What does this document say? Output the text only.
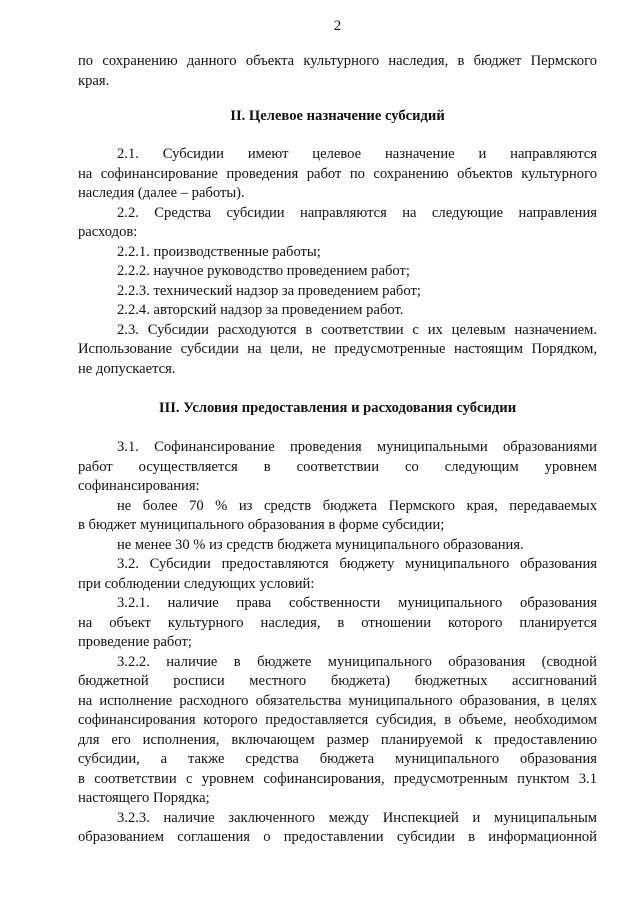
2
по сохранению данного объекта культурного наследия, в бюджет Пермского
края.
II. Целевое назначение субсидий
2.1. Субсидии имеют целевое назначение и направляются
на софинансирование проведения работ по сохранению объектов культурного
наследия (далее – работы).
2.2. Средства субсидии направляются на следующие направления
расходов:
2.2.1. производственные работы;
2.2.2. научное руководство проведением работ;
2.2.3. технический надзор за проведением работ;
2.2.4. авторский надзор за проведением работ.
2.3. Субсидии расходуются в соответствии с их целевым назначением.
Использование субсидии на цели, не предусмотренные настоящим Порядком,
не допускается.
III. Условия предоставления и расходования субсидии
3.1. Софинансирование проведения муниципальными образованиями
работ осуществляется в соответствии со следующим уровнем
софинансирования:
не более 70 % из средств бюджета Пермского края, передаваемых
в бюджет муниципального образования в форме субсидии;
не менее 30 % из средств бюджета муниципального образования.
3.2. Субсидии предоставляются бюджету муниципального образования
при соблюдении следующих условий:
3.2.1. наличие права собственности муниципального образования
на объект культурного наследия, в отношении которого планируется
проведение работ;
3.2.2. наличие в бюджете муниципального образования (сводной
бюджетной росписи местного бюджета) бюджетных ассигнований
на исполнение расходного обязательства муниципального образования, в целях
софинансирования которого предоставляется субсидия, в объеме, необходимом
для его исполнения, включающем размер планируемой к предоставлению
субсидии, а также средства бюджета муниципального образования
в соответствии с уровнем софинансирования, предусмотренным пунктом 3.1
настоящего Порядка;
3.2.3. наличие заключенного между Инспекцией и муниципальным
образованием соглашения о предоставлении субсидии в информационной
